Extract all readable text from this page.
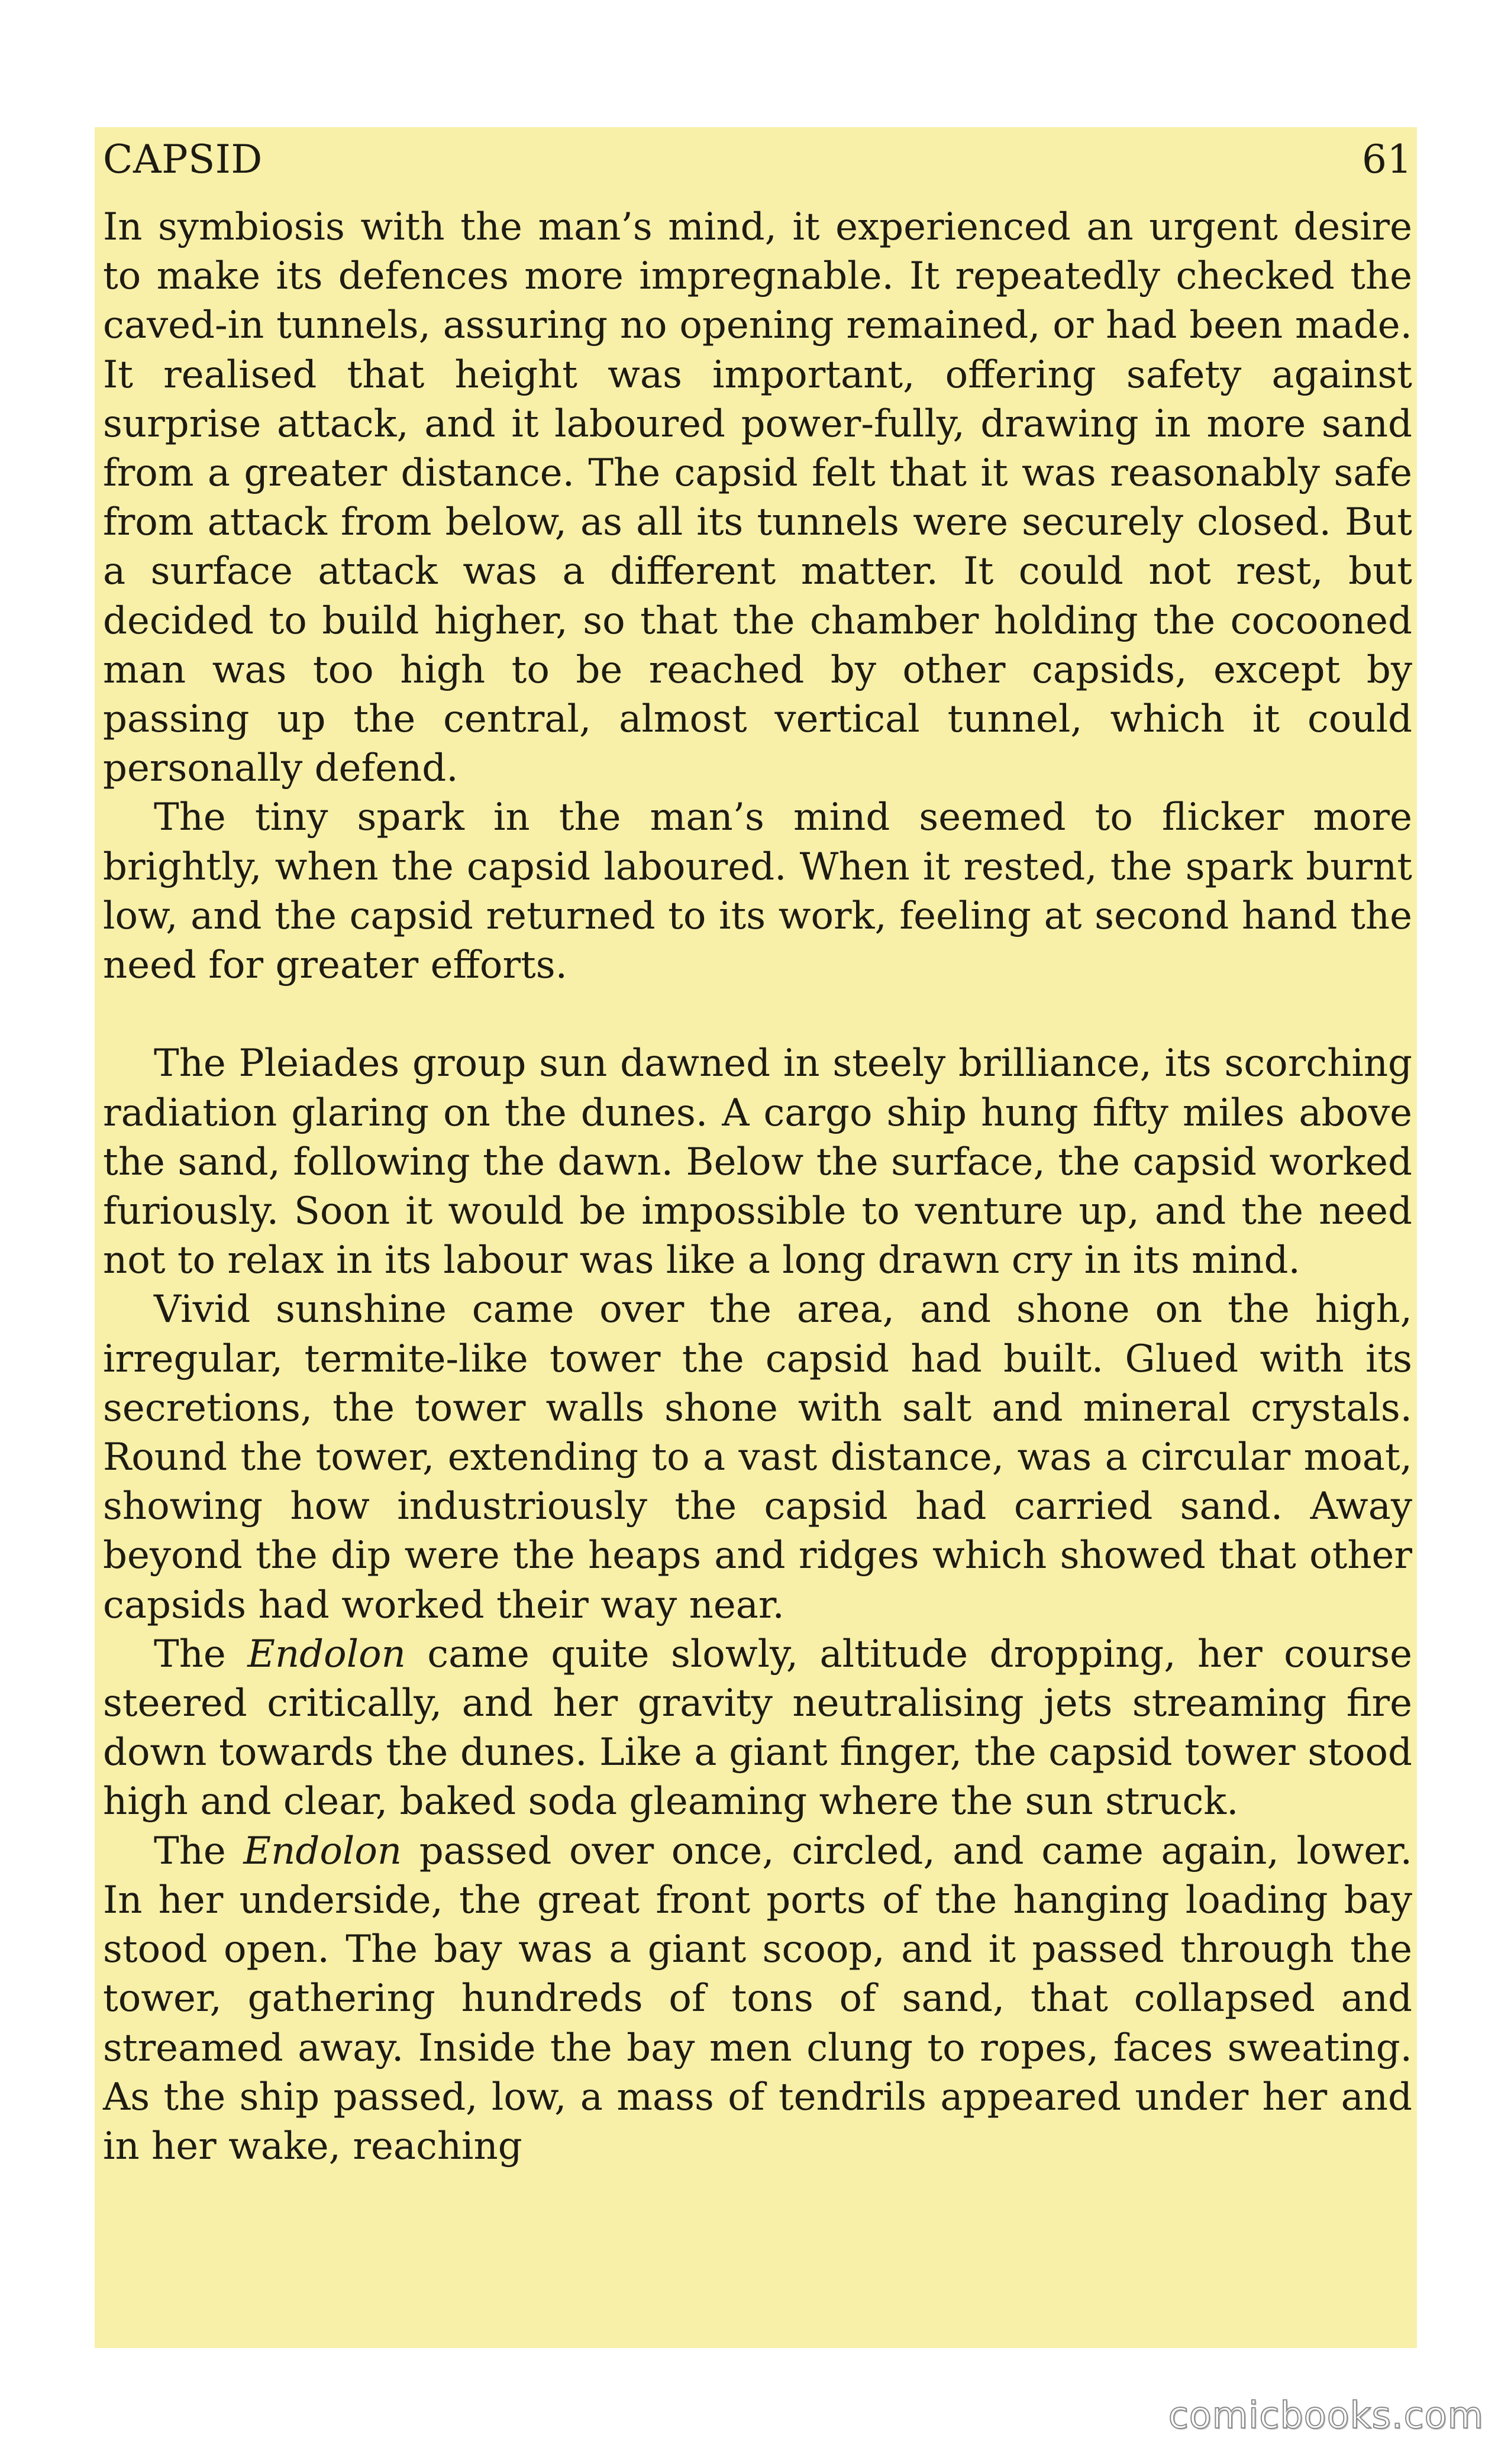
CAPSID	61

In symbiosis with the man’s mind, it experienced an urgent desire to make its defences more impregnable. It repeatedly checked the caved-in tunnels, assuring no opening remained, or had been made. It realised that height was important, offering safety against surprise attack, and it laboured power-fully, drawing in more sand from a greater distance. The capsid felt that it was reasonably safe from attack from below, as all its tunnels were securely closed. But a surface attack was a different matter. It could not rest, but decided to build higher, so that the chamber holding the cocooned man was too high to be reached by other capsids, except by passing up the central, almost vertical tunnel, which it could personally defend.

The tiny spark in the man’s mind seemed to flicker more brightly, when the capsid laboured. When it rested, the spark burnt low, and the capsid returned to its work, feeling at second hand the need for greater efforts.

The Pleiades group sun dawned in steely brilliance, its scorching radiation glaring on the dunes. A cargo ship hung fifty miles above the sand, following the dawn. Below the surface, the capsid worked furiously. Soon it would be impossible to venture up, and the need not to relax in its labour was like a long drawn cry in its mind.

Vivid sunshine came over the area, and shone on the high, irregular, termite-like tower the capsid had built. Glued with its secretions, the tower walls shone with salt and mineral crystals. Round the tower, extending to a vast distance, was a circular moat, showing how industriously the capsid had carried sand. Away beyond the dip were the heaps and ridges which showed that other capsids had worked their way near.

The Endolon came quite slowly, altitude dropping, her course steered critically, and her gravity neutralising jets streaming fire down towards the dunes. Like a giant finger, the capsid tower stood high and clear, baked soda gleaming where the sun struck.

The Endolon passed over once, circled, and came again, lower. In her underside, the great front ports of the hanging loading bay stood open. The bay was a giant scoop, and it passed through the tower, gathering hundreds of tons of sand, that collapsed and streamed away. Inside the bay men clung to ropes, faces sweating. As the ship passed, low, a mass of tendrils appeared under her and in her wake, reaching

comicbooks.com
